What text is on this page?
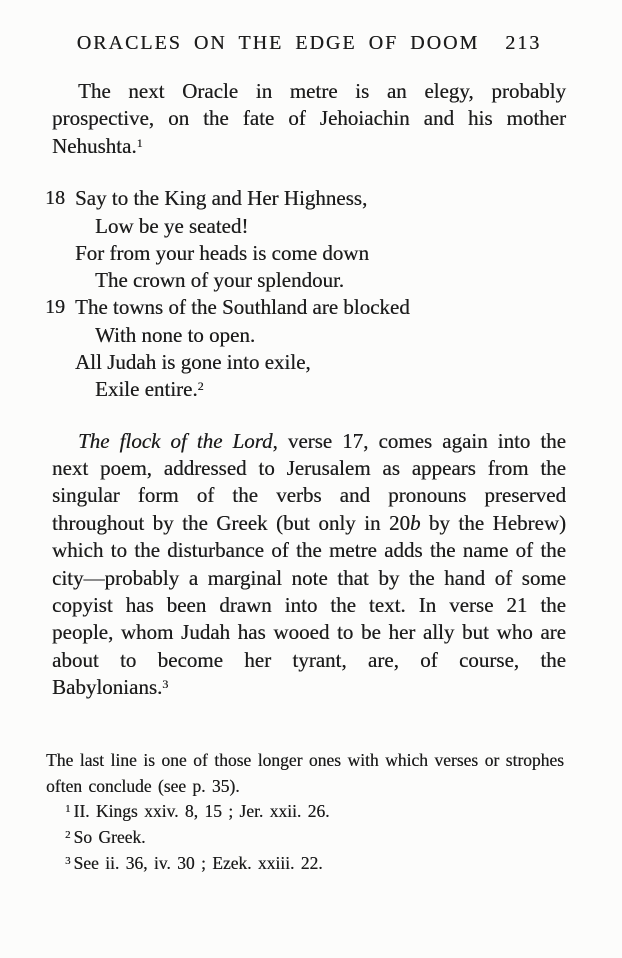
ORACLES ON THE EDGE OF DOOM 213

The next Oracle in metre is an elegy, probably prospective, on the fate of Jehoiachin and his mother Nehushta.$^1$

18 Say to the King and Her Highness,
Low be ye seated!
For from your heads is come down
The crown of your splendour.
19 The towns of the Southland are blocked
With none to open.
All Judah is gone into exile,
Exile entire.$^2$

The flock of the Lord, verse 17, comes again into the next poem, addressed to Jerusalem as appears from the singular form of the verbs and pronouns preserved throughout by the Greek (but only in 20b by the Hebrew) which to the disturbance of the metre adds the name of the city—probably a marginal note that by the hand of some copyist has been drawn into the text. In verse 21 the people, whom Judah has wooed to be her ally but who are about to become her tyrant, are, of course, the Babylonians.$^3$

The last line is one of those longer ones with which verses or strophes often conclude (see p. 35).

$^1$ II. Kings xxiv. 8, 15 ; Jer. xxii. 26.
$^2$ So Greek.
$^3$ See ii. 36, iv. 30 ; Ezek. xxiii. 22.
